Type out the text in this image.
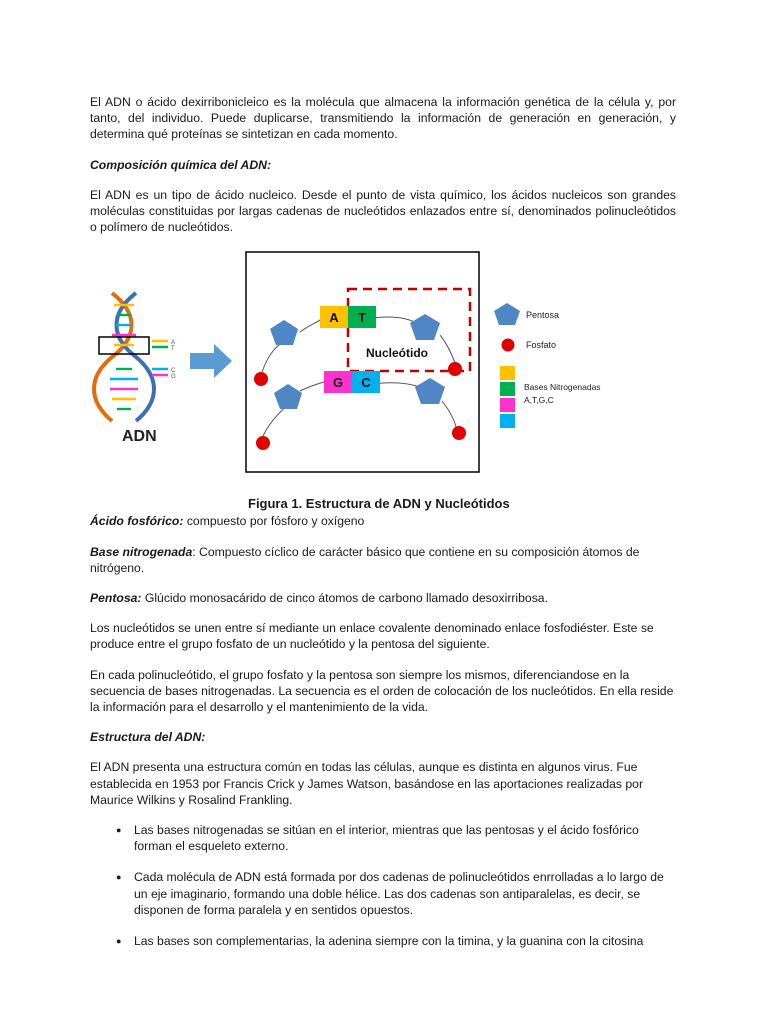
El ADN o ácido dexirribonicleico es la molécula que almacena la información genética de la célula y, por tanto, del individuo. Puede duplicarse, transmitiendo la información de generación en generación, y determina qué proteínas se sintetizan en cada momento.

Composición química del ADN:

El ADN es un tipo de ácido nucleico. Desde el punto de vista químico, los ácidos nucleicos son grandes moléculas constituidas por largas cadenas de nucleótidos enlazados entre sí, denominados polinucleótidos o polímero de nucleótidos.

A
T
C
G
ADN
A T
G C
Nucleótido
Pentosa
Fosfato
Bases Nitrogenadas
A,T,G,C
Figura 1. Estructura de ADN y Nucleótidos

Ácido fosfórico: compuesto por fósforo y oxígeno

Base nitrogenada: Compuesto cíclico de carácter básico que contiene en su composición átomos de nitrógeno.

Pentosa: Glúcido monosacárido de cinco átomos de carbono llamado desoxirribosa.

Los nucleótidos se unen entre sí mediante un enlace covalente denominado enlace fosfodiéster. Este se produce entre el grupo fosfato de un nucleótido y la pentosa del siguiente.

En cada polinucleótido, el grupo fosfato y la pentosa son siempre los mismos, diferenciandose en la secuencia de bases nitrogenadas. La secuencia es el orden de colocación de los nucleótidos. En ella reside la información para el desarrollo y el mantenimiento de la vida.

Estructura del ADN:

El ADN presenta una estructura común en todas las células, aunque es distinta en algunos virus. Fue establecida en 1953 por Francis Crick y James Watson, basándose en las aportaciones realizadas por Maurice Wilkins y Rosalind Frankling.

● Las bases nitrogenadas se sitúan en el interior, mientras que las pentosas y el ácido fosfórico forman el esqueleto externo.
● Cada molécula de ADN está formada por dos cadenas de polinucleótidos enrrolladas a lo largo de un eje imaginario, formando una doble hélice. Las dos cadenas son antiparalelas, es decir, se disponen de forma paralela y en sentidos opuestos.
● Las bases son complementarias, la adenina siempre con la timina, y la guanina con la citosina
